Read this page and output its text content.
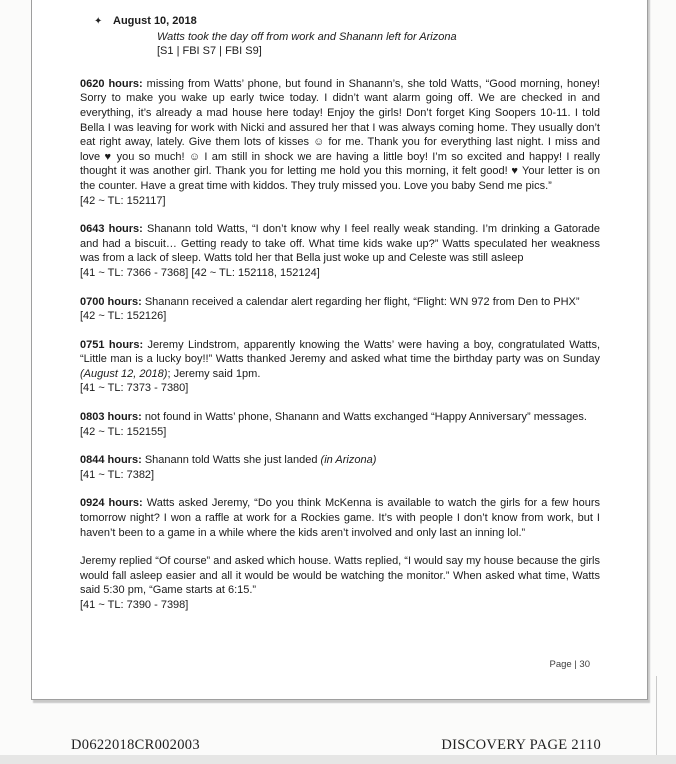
✦ August 10, 2018
Watts took the day off from work and Shanann left for Arizona
[S1 | FBI S7 | FBI S9]

0620 hours: missing from Watts’ phone, but found in Shanann’s, she told Watts, “Good morning, honey! Sorry to make you wake up early twice today. I didn’t want alarm going off. We are checked in and everything, it’s already a mad house here today! Enjoy the girls! Don’t forget King Soopers 10-11. I told Bella I was leaving for work with Nicki and assured her that I was always coming home. They usually don’t eat right away, lately. Give them lots of kisses ☺ for me. Thank you for everything last night. I miss and love ♥ you so much! ☺ I am still in shock we are having a little boy! I’m so excited and happy! I really thought it was another girl. Thank you for letting me hold you this morning, it felt good! ♥ Your letter is on the counter. Have a great time with kiddos. They truly missed you. Love you baby Send me pics.”

[42 ~ TL: 152117]

0643 hours: Shanann told Watts, “I don’t know why I feel really weak standing. I’m drinking a Gatorade and had a biscuit… Getting ready to take off. What time kids wake up?” Watts speculated her weakness was from a lack of sleep. Watts told her that Bella just woke up and Celeste was still asleep

[41 ~ TL: 7366 - 7368] [42 ~ TL: 152118, 152124]

0700 hours: Shanann received a calendar alert regarding her flight, “Flight: WN 972 from Den to PHX”

[42 ~ TL: 152126]

0751 hours: Jeremy Lindstrom, apparently knowing the Watts’ were having a boy, congratulated Watts, “Little man is a lucky boy!!” Watts thanked Jeremy and asked what time the birthday party was on Sunday (August 12, 2018); Jeremy said 1pm.

[41 ~ TL: 7373 - 7380]

0803 hours: not found in Watts’ phone, Shanann and Watts exchanged “Happy Anniversary” messages.

[42 ~ TL: 152155]

0844 hours: Shanann told Watts she just landed (in Arizona)

[41 ~ TL: 7382]

0924 hours: Watts asked Jeremy, “Do you think McKenna is available to watch the girls for a few hours tomorrow night? I won a raffle at work for a Rockies game. It’s with people I don’t know from work, but I haven’t been to a game in a while where the kids aren’t involved and only last an inning lol.”

Jeremy replied “Of course” and asked which house. Watts replied, “I would say my house because the girls would fall asleep easier and all it would be would be watching the monitor.” When asked what time, Watts said 5:30 pm, “Game starts at 6:15.”

[41 ~ TL: 7390 - 7398]
Page | 30
D0622018CR002003	DISCOVERY PAGE 2110
